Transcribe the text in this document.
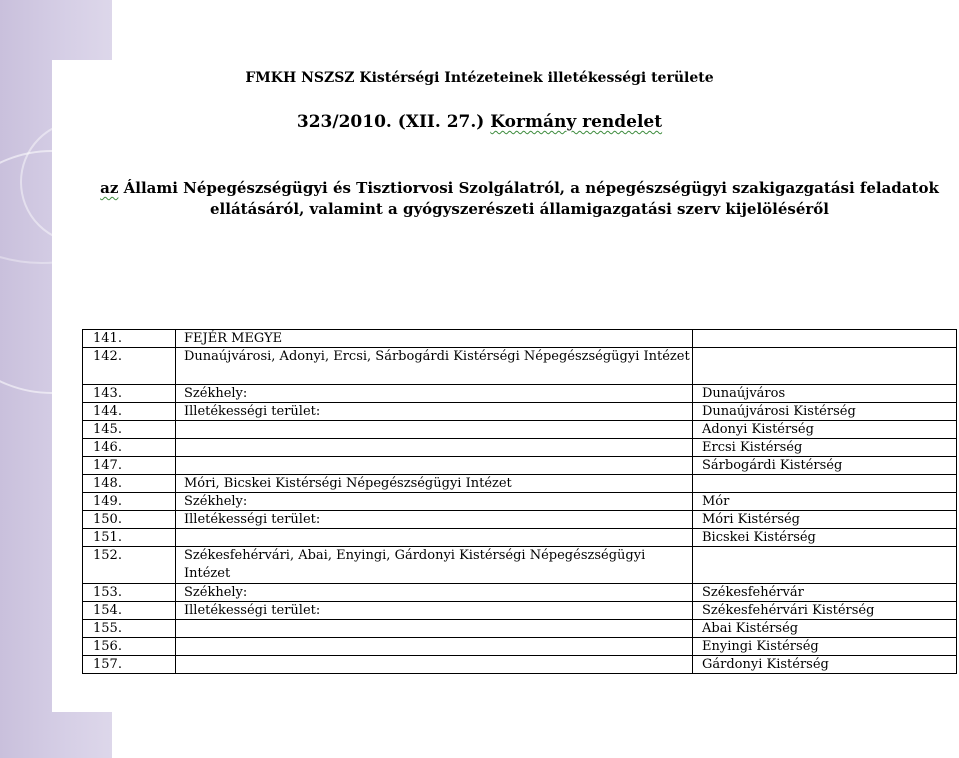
FMKH NSZSZ Kistérségi Intézeteinek illetékességi területe
323/2010. (XII. 27.) Kormány rendelet
az Állami Népegészségügyi és Tisztiorvosi Szolgálatról, a népegészségügyi szakigazgatási feladatok ellátásáról, valamint a gyógyszerészeti államigazgatási szerv kijelöléséről
141.	FEJÉR MEGYE	
142.	Dunaújvárosi, Adonyi, Ercsi, Sárbogárdi Kistérségi Népegészségügyi Intézet	
143.	Székhely:	Dunaújváros
144.	Illetékességi terület:	Dunaújvárosi Kistérség
145.		Adonyi Kistérség
146.		Ercsi Kistérség
147.		Sárbogárdi Kistérség
148.	Móri, Bicskei Kistérségi Népegészségügyi Intézet	
149.	Székhely:	Mór
150.	Illetékességi terület:	Móri Kistérség
151.		Bicskei Kistérség
152.	Székesfehérvári, Abai, Enyingi, Gárdonyi Kistérségi Népegészségügyi Intézet	
153.	Székhely:	Székesfehérvár
154.	Illetékességi terület:	Székesfehérvári Kistérség
155.		Abai Kistérség
156.		Enyingi Kistérség
157.		Gárdonyi Kistérség
